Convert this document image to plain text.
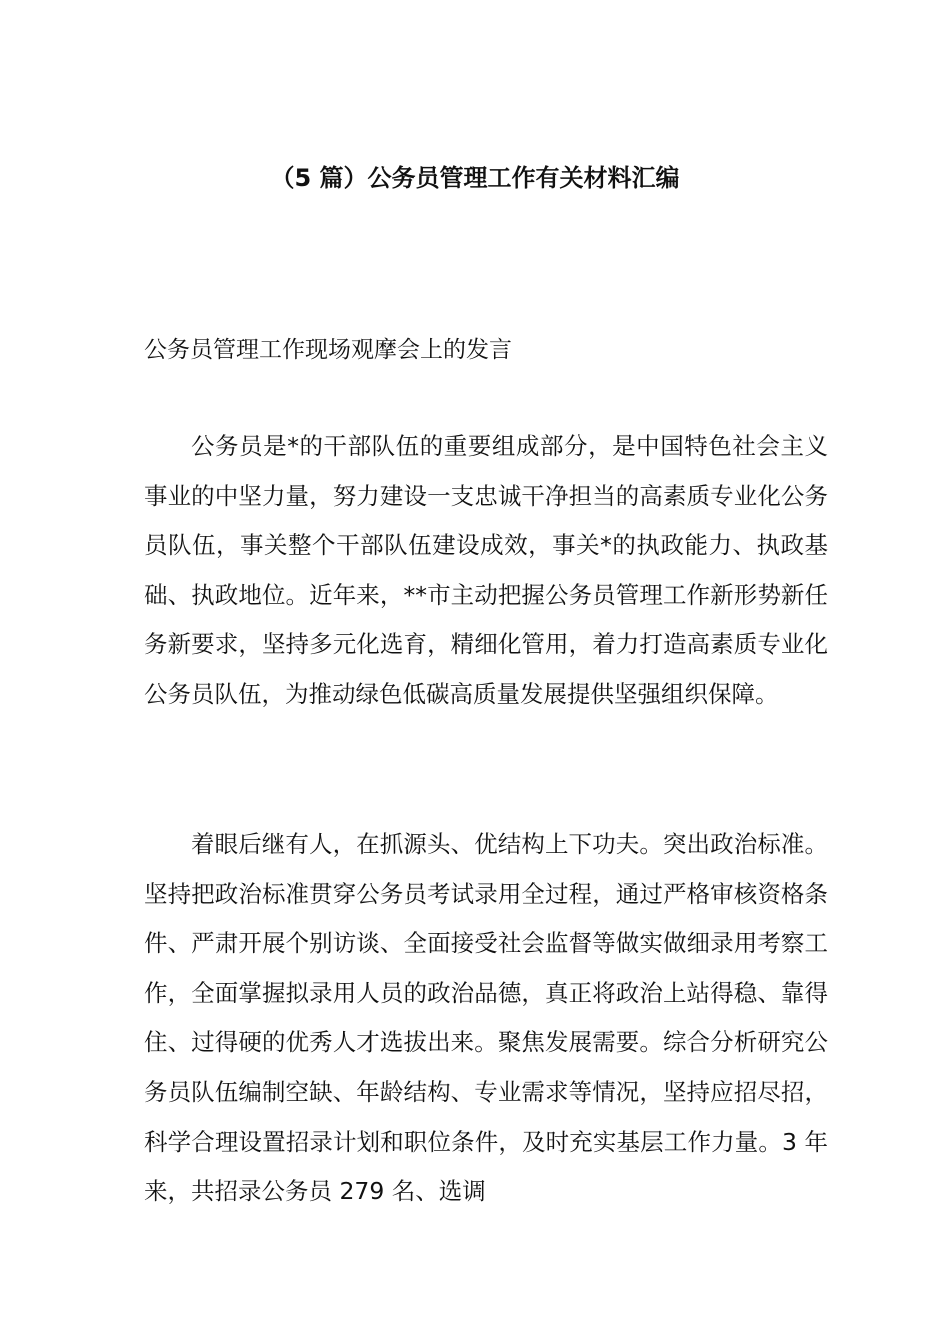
（5 篇）公务员管理工作有关材料汇编
公务员管理工作现场观摩会上的发言

公务员是*的干部队伍的重要组成部分，是中国特色社会主义事业的中坚力量，努力建设一支忠诚干净担当的高素质专业化公务员队伍，事关整个干部队伍建设成效，事关*的执政能力、执政基础、执政地位。近年来，**市主动把握公务员管理工作新形势新任务新要求，坚持多元化选育，精细化管用，着力打造高素质专业化公务员队伍，为推动绿色低碳高质量发展提供坚强组织保障。

着眼后继有人，在抓源头、优结构上下功夫。突出政治标准。坚持把政治标准贯穿公务员考试录用全过程，通过严格审核资格条件、严肃开展个别访谈、全面接受社会监督等做实做细录用考察工作，全面掌握拟录用人员的政治品德，真正将政治上站得稳、靠得住、过得硬的优秀人才选拔出来。聚焦发展需要。综合分析研究公务员队伍编制空缺、年龄结构、专业需求等情况，坚持应招尽招，科学合理设置招录计划和职位条件，及时充实基层工作力量。3 年来，共招录公务员 279 名、选调
